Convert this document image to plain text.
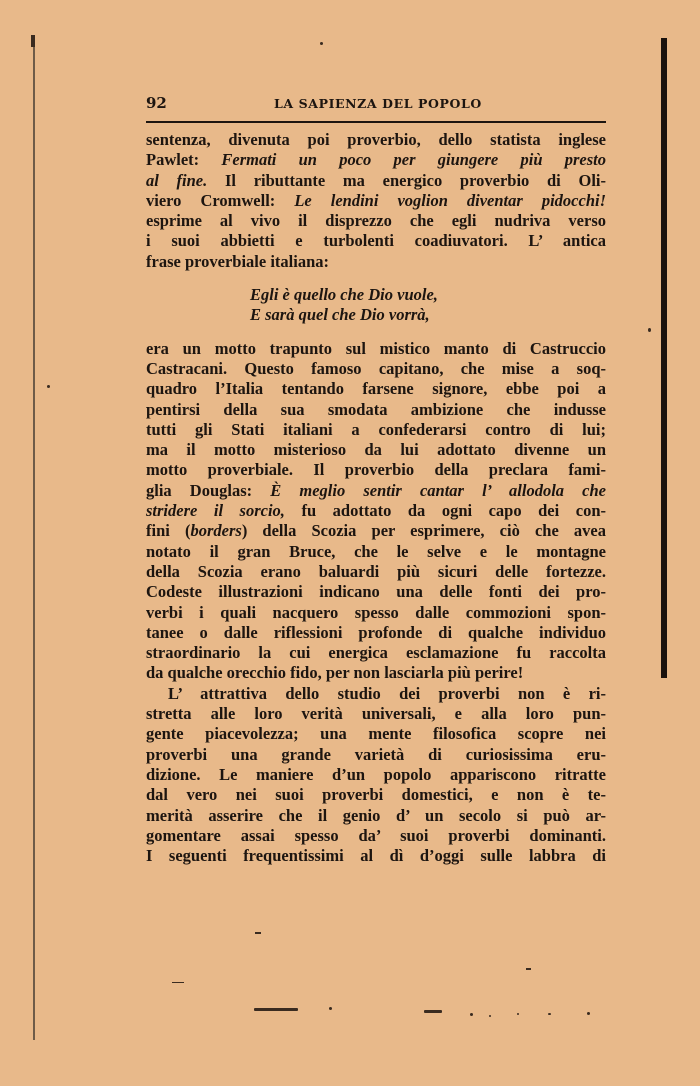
92	LA SAPIENZA DEL POPOLO
sentenza, divenuta poi proverbio, dello statista inglese
Pawlet: Fermati un poco per giungere più presto
al fine. Il ributtante ma energico proverbio di Oli-
viero Cromwell: Le lendini voglion diventar pidocchi!
esprime al vivo il disprezzo che egli nudriva verso
i suoi abbietti e turbolenti coadiuvatori. L’ antica
frase proverbiale italiana:
Egli è quello che Dio vuole,
E sarà quel che Dio vorrà,
era un motto trapunto sul mistico manto di Castruccio
Castracani. Questo famoso capitano, che mise a soq-
quadro l’Italia tentando farsene signore, ebbe poi a
pentirsi della sua smodata ambizione che indusse
tutti gli Stati italiani a confederarsi contro di lui;
ma il motto misterioso da lui adottato divenne un
motto proverbiale. Il proverbio della preclara fami-
glia Douglas: È meglio sentir cantar l’ allodola che
stridere il sorcio, fu adottato da ogni capo dei con-
fini (borders) della Scozia per esprimere, ciò che avea
notato il gran Bruce, che le selve e le montagne
della Scozia erano baluardi più sicuri delle fortezze.
Codeste illustrazioni indicano una delle fonti dei pro-
verbi i quali nacquero spesso dalle commozioni spon-
tanee o dalle riflessioni profonde di qualche individuo
straordinario la cui energica esclamazione fu raccolta
da qualche orecchio fido, per non lasciarla più perire!
L’ attrattiva dello studio dei proverbi non è ri-
stretta alle loro verità universali, e alla loro pun-
gente piacevolezza; una mente filosofica scopre nei
proverbi una grande varietà di curiosissima eru-
dizione. Le maniere d’un popolo appariscono ritratte
dal vero nei suoi proverbi domestici, e non è te-
merità asserire che il genio d’ un secolo si può ar-
gomentare assai spesso da’ suoi proverbi dominanti.
I seguenti frequentissimi al dì d’oggi sulle labbra di
